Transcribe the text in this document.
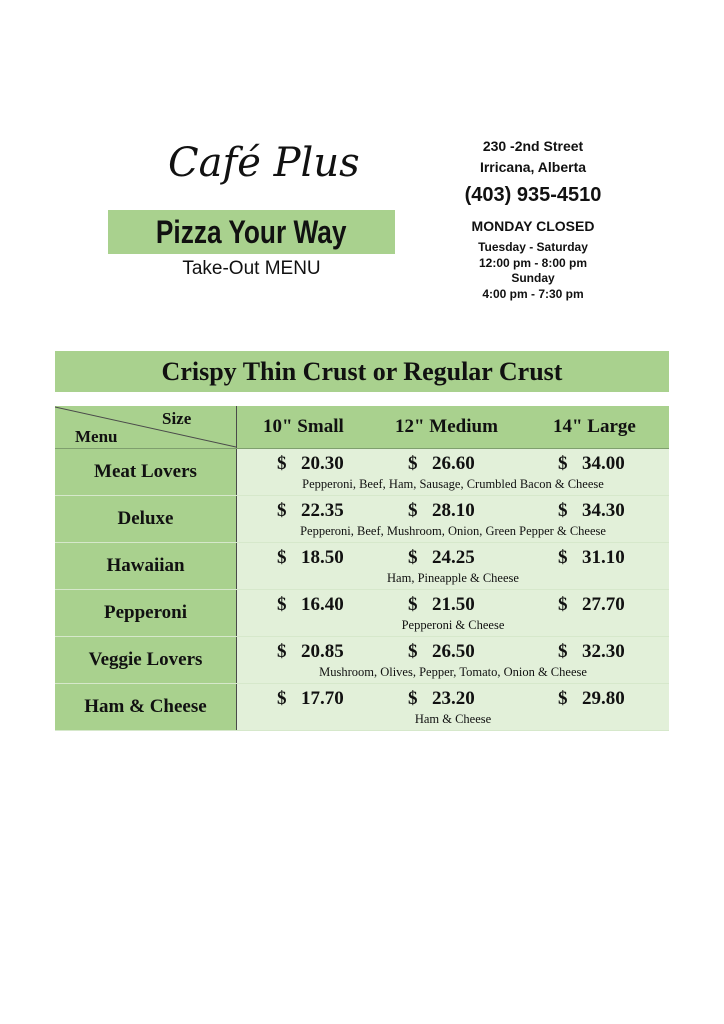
Café Plus
Pizza Your Way
Take-Out MENU
230 -2nd Street
Irricana, Alberta
(403) 935-4510
MONDAY CLOSED
Tuesday - Saturday
12:00 pm - 8:00 pm
Sunday
4:00 pm - 7:30 pm
Crispy Thin Crust or Regular Crust
Size
Menu	10" Small	12" Medium	14" Large
Meat Lovers	$ 20.30	$ 26.60	$ 34.00
Pepperoni, Beef, Ham, Sausage, Crumbled Bacon & Cheese
Deluxe	$ 22.35	$ 28.10	$ 34.30
Pepperoni, Beef, Mushroom, Onion, Green Pepper & Cheese
Hawaiian	$ 18.50	$ 24.25	$ 31.10
Ham, Pineapple & Cheese
Pepperoni	$ 16.40	$ 21.50	$ 27.70
Pepperoni & Cheese
Veggie Lovers	$ 20.85	$ 26.50	$ 32.30
Mushroom, Olives, Pepper, Tomato, Onion & Cheese
Ham & Cheese	$ 17.70	$ 23.20	$ 29.80
Ham & Cheese
